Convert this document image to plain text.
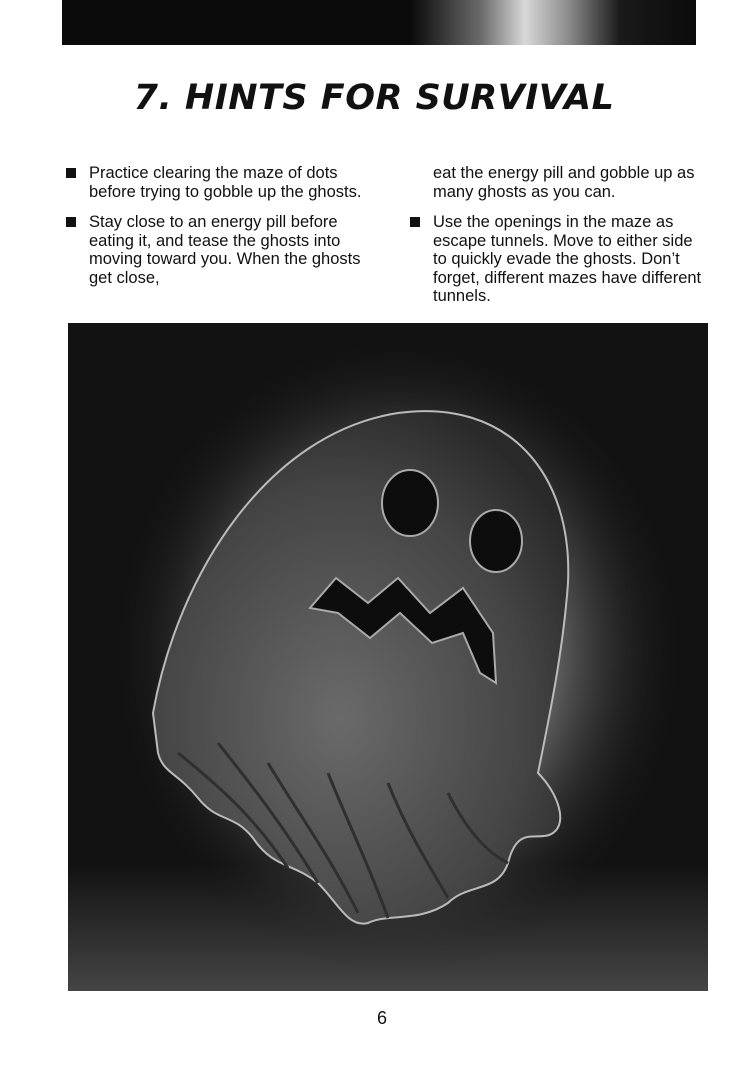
7. HINTS FOR SURVIVAL
Practice clearing the maze of dots before trying to gobble up the ghosts.
Stay close to an energy pill before eating it, and tease the ghosts into moving toward you. When the ghosts get close,
eat the energy pill and gobble up as many ghosts as you can.
Use the openings in the maze as escape tunnels. Move to either side to quickly evade the ghosts. Don’t forget, different mazes have different tunnels.
6
